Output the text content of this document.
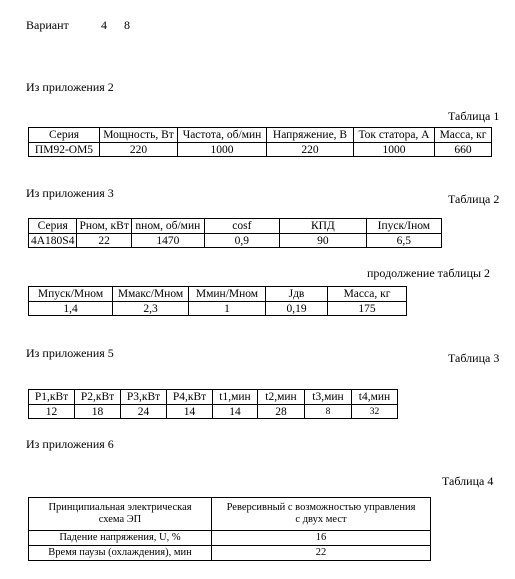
Вариант	4 8
Из приложения 2
Таблица 1
Серия	Мощность, Вт	Частота, об/мин	Напряжение, В	Ток статора, А	Масса, кг
ПМ92-ОМ5	220	1000	220	1000	660
Из приложения 3	Таблица 2
Серия	Рном, кВт	nном, об/мин	cosf	КПД	Iпуск/Iном
4А180S4	22	1470	0,9	90	6,5
продолжение таблицы 2
Мпуск/Мном	Ммакс/Мном	Ммин/Мном	Jдв	Масса, кг
1,4	2,3	1	0,19	175
Из приложения 5	Таблица 3
Р1,кВт	Р2,кВт	Р3,кВт	Р4,кВт	t1,мин	t2,мин	t3,мин	t4,мин
12	18	24	14	14	28	8	32
Из приложения 6
Таблица 4
Принципиальная электрическая схема ЭП	Реверсивный с возможностью управления с двух мест
Падение напряжения, U, %	16
Время паузы (охлаждения), мин	22
